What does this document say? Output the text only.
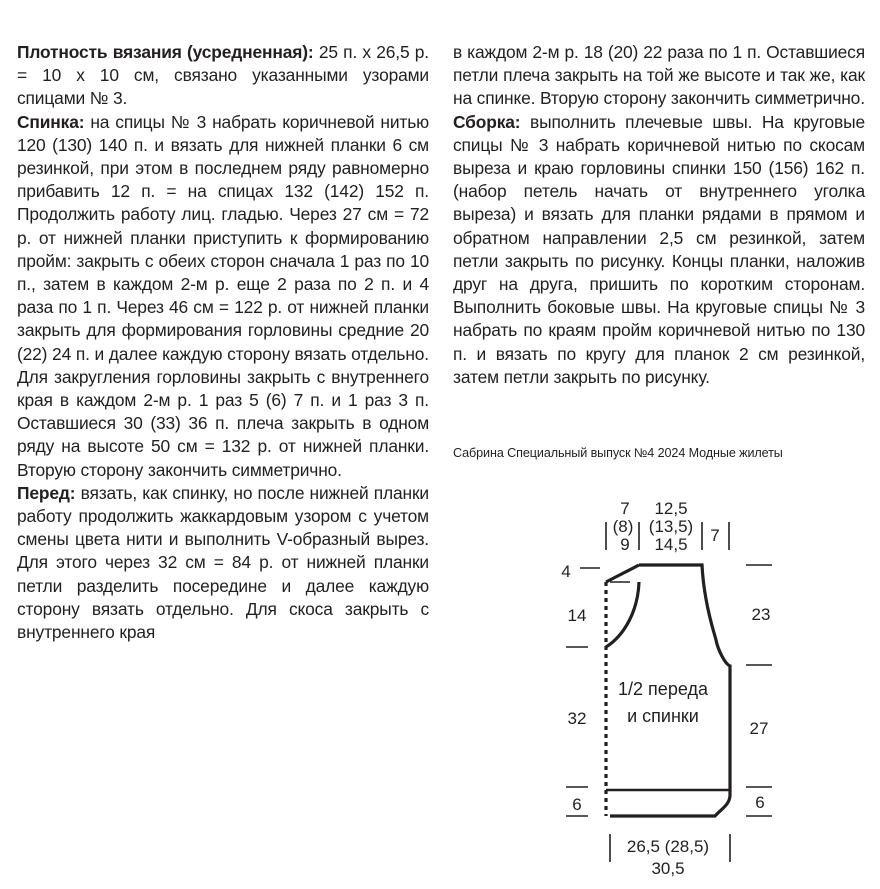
Плотность вязания (усредненная): 25 п. х 26,5 р. = 10 х 10 см, связано указанными узорами спицами № 3.

Спинка: на спицы № 3 набрать коричневой нитью 120 (130) 140 п. и вязать для нижней планки 6 см резинкой, при этом в последнем ряду равномерно прибавить 12 п. = на спицах 132 (142) 152 п. Продолжить работу лиц. гладью. Через 27 см = 72 р. от нижней планки приступить к формированию пройм: закрыть с обеих сторон сначала 1 раз по 10 п., затем в каждом 2-м р. еще 2 раза по 2 п. и 4 раза по 1 п. Через 46 см = 122 р. от нижней планки закрыть для формирования горловины средние 20 (22) 24 п. и далее каждую сторону вязать отдельно. Для закругления горловины закрыть с внутреннего края в каждом 2-м р. 1 раз 5 (6) 7 п. и 1 раз 3 п. Оставшиеся 30 (33) 36 п. плеча закрыть в одном ряду на высоте 50 см = 132 р. от нижней планки. Вторую сторону закончить симметрично.

Перед: вязать, как спинку, но после нижней планки работу продолжить жаккардовым узором с учетом смены цвета нити и выполнить V-образный вырез. Для этого через 32 см = 84 р. от нижней планки петли разделить посередине и далее каждую сторону вязать отдельно. Для скоса закрыть с внутреннего края

в каждом 2-м р. 18 (20) 22 раза по 1 п. Оставшиеся петли плеча закрыть на той же высоте и так же, как на спинке. Вторую сторону закончить симметрично.

Сборка: выполнить плечевые швы. На круговые спицы № 3 набрать коричневой нитью по скосам выреза и краю горловины спинки 150 (156) 162 п. (набор петель начать от внутреннего уголка выреза) и вязать для планки рядами в прямом и обратном направлении 2,5 см резинкой, затем петли закрыть по рисунку. Концы планки, наложив друг на друга, пришить по коротким сторонам. Выполнить боковые швы. На круговые спицы № 3 набрать по краям пройм коричневой нитью по 130 п. и вязать по кругу для планок 2 см резинкой, затем петли закрыть по рисунку.

Сабрина Специальный выпуск №4 2024 Модные жилеты
7
(8)
9
12,5
(13,5)
14,5 7
4
14
32
6
23
27
6
1/2 переда
и спинки
26,5 (28,5)
30,5
